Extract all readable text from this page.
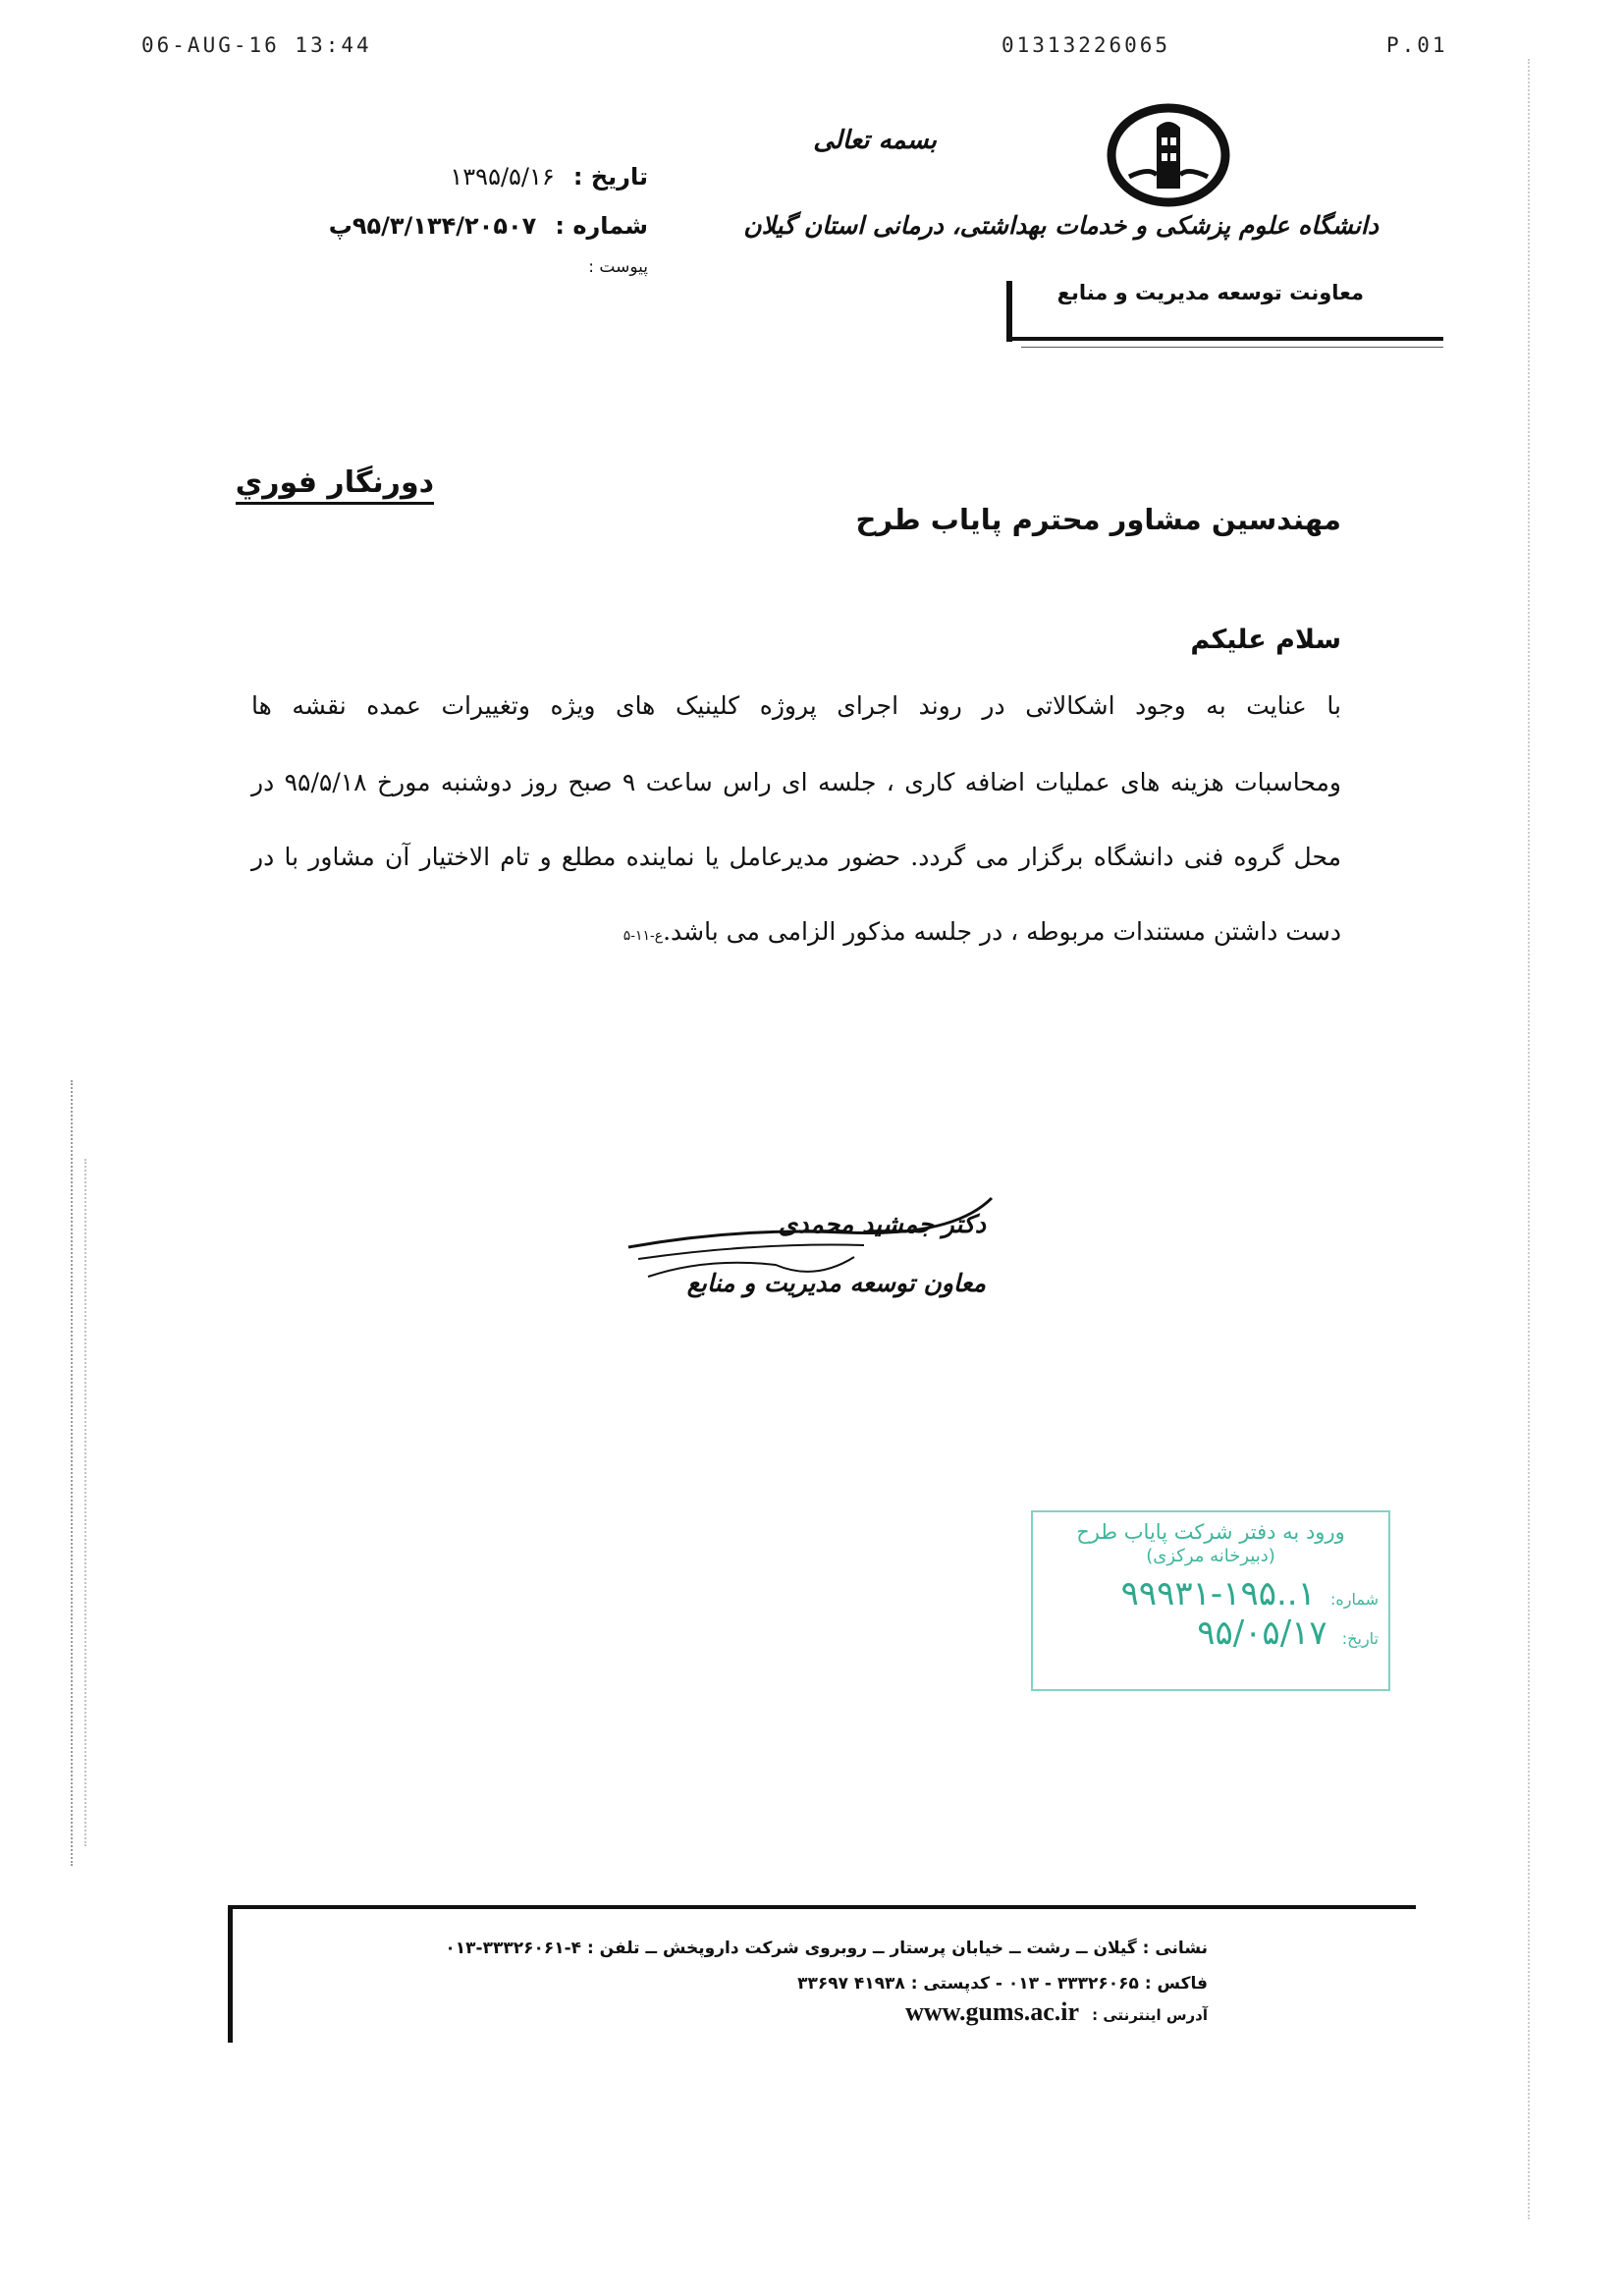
06-AUG-16 13:44	01313226065	P.01
بسمه تعالی
دانشگاه علوم پزشکی و خدمات بهداشتی، درمانی استان گیلان
معاونت توسعه مدیریت و منابع
تاریخ : ۱۳۹۵/۵/۱۶
شماره : ۹۵/۳/۱۳۴/۲۰۵۰۷پ
پیوست :
دورنگار فوري
مهندسین مشاور محترم پایاب طرح
سلام علیکم
با عنایت به وجود اشکالاتی در روند اجرای پروژه کلینیک های ویژه وتغییرات عمده نقشه ها
ومحاسبات هزینه های عملیات اضافه کاری ، جلسه ای راس ساعت ۹ صبح روز دوشنبه مورخ ۹۵/۵/۱۸ در
محل گروه فنی دانشگاه برگزار می گردد. حضور مدیرعامل یا نماینده مطلع و تام الاختیار آن مشاور با در
دست داشتن مستندات مربوطه ، در جلسه مذکور الزامی می باشد.ع-۱۱-۵
دکتر جمشید محمدی
معاون توسعه مدیریت و منابع
ورود به دفتر شرکت پایاب طرح
(دبیرخانه مرکزی)
شماره: ۱..۱۹۵-۹۹۹۳۱
تاریخ: ۹۵/۰۵/۱۷
نشانی : گیلان ــ رشت ــ خیابان پرستار ــ روبروی شرکت داروپخش ــ تلفن : ۴-۳۳۳۲۶۰۶۱-۰۱۳
فاکس : ۳۳۳۲۶۰۶۵ - ۰۱۳ - کدپستی : ۴۱۹۳۸ ۳۳۶۹۷
آدرس اینترنتی : www.gums.ac.ir
